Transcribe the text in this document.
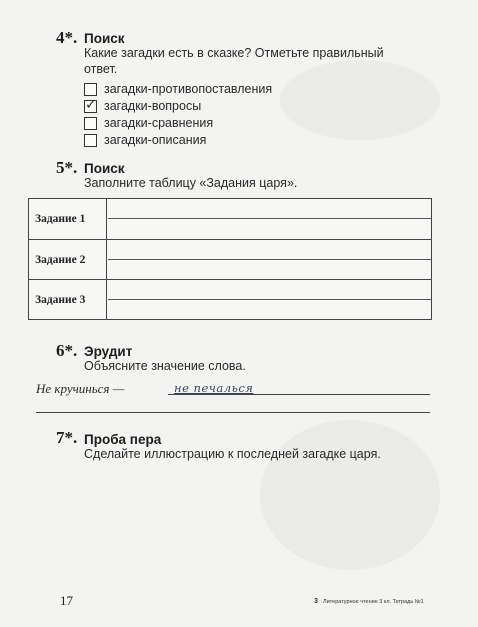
4*. Поиск
Какие загадки есть в сказке? Отметьте правильный
ответ.
загадки-противопоставления
✓ загадки-вопросы
загадки-сравнения
загадки-описания
5*. Поиск
Заполните таблицу «Задания царя».
Задание 1
Задание 2
Задание 3
6*. Эрудит
Объясните значение слова.
Не кручинься —	не печалься
7*. Проба пера
Сделайте иллюстрацию к последней загадке царя.
17	3 Литературное чтение 3 кл. Тетрадь №1
